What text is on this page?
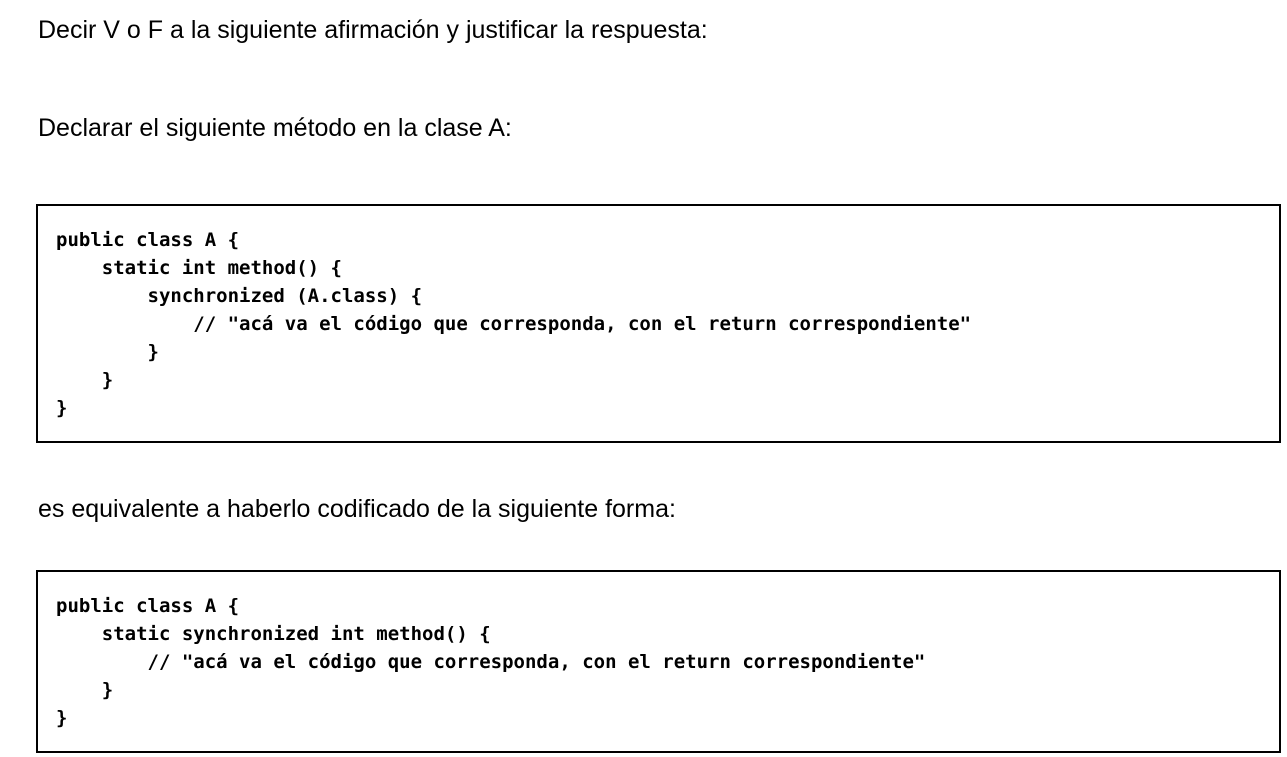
Decir V o F a la siguiente afirmación y justificar la respuesta:

Declarar el siguiente método en la clase A:

public class A {
static int method() {
synchronized (A.class) {
// "acá va el código que corresponda, con el return correspondiente"
}
}
}

es equivalente a haberlo codificado de la siguiente forma:

public class A {
static synchronized int method() {
// "acá va el código que corresponda, con el return correspondiente"
}
}
